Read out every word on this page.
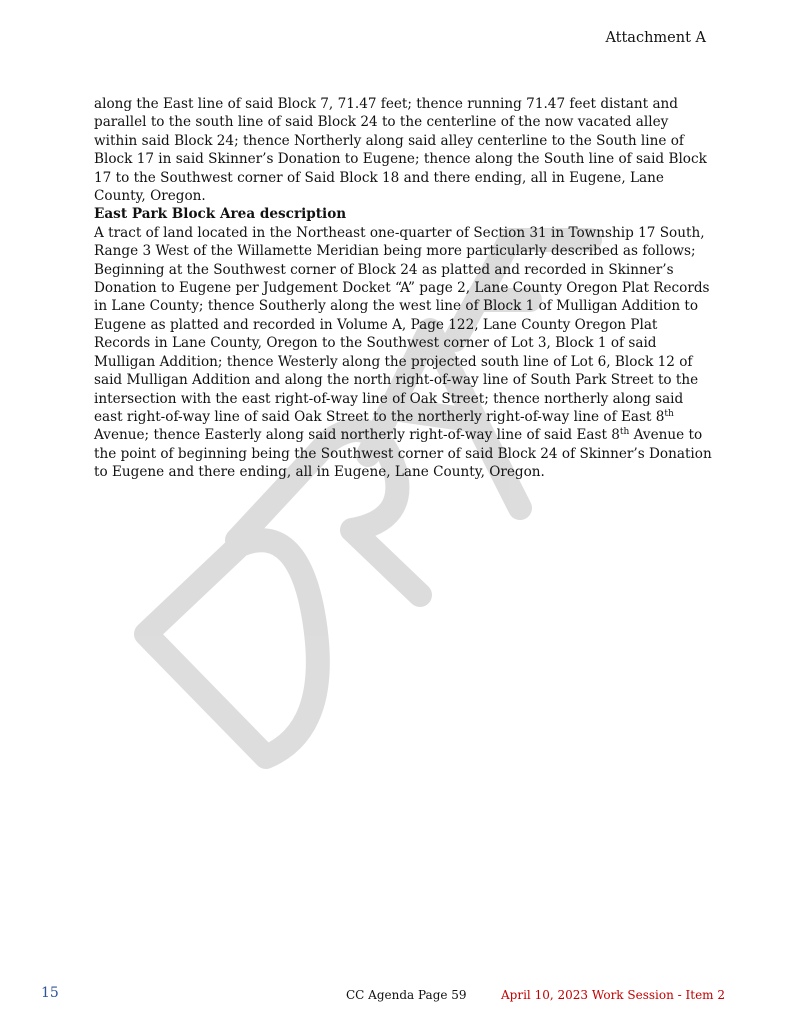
Attachment A

along the East line of said Block 7, 71.47 feet; thence running 71.47 feet distant and parallel to the south line of said Block 24 to the centerline of the now vacated alley within said Block 24; thence Northerly along said alley centerline to the South line of Block 17 in said Skinner’s Donation to Eugene; thence along the South line of said Block 17 to the Southwest corner of Said Block 18 and there ending, all in Eugene, Lane County, Oregon.

East Park Block Area description

A tract of land located in the Northeast one-quarter of Section 31 in Township 17 South, Range 3 West of the Willamette Meridian being more particularly described as follows; Beginning at the Southwest corner of Block 24 as platted and recorded in Skinner’s Donation to Eugene per Judgement Docket “A” page 2, Lane County Oregon Plat Records in Lane County; thence Southerly along the west line of Block 1 of Mulligan Addition to Eugene as platted and recorded in Volume A, Page 122, Lane County Oregon Plat Records in Lane County, Oregon to the Southwest corner of Lot 3, Block 1 of said Mulligan Addition; thence Westerly along the projected south line of Lot 6, Block 12 of said Mulligan Addition and along the north right-of-way line of South Park Street to the intersection with the east right-of-way line of Oak Street; thence northerly along said east right-of-way line of said Oak Street to the northerly right-of-way line of East 8th Avenue; thence Easterly along said northerly right-of-way line of said East 8th Avenue to the point of beginning being the Southwest corner of said Block 24 of Skinner’s Donation to Eugene and there ending, all in Eugene, Lane County, Oregon.

15	CC Agenda Page 59	April 10, 2023 Work Session - Item 2
